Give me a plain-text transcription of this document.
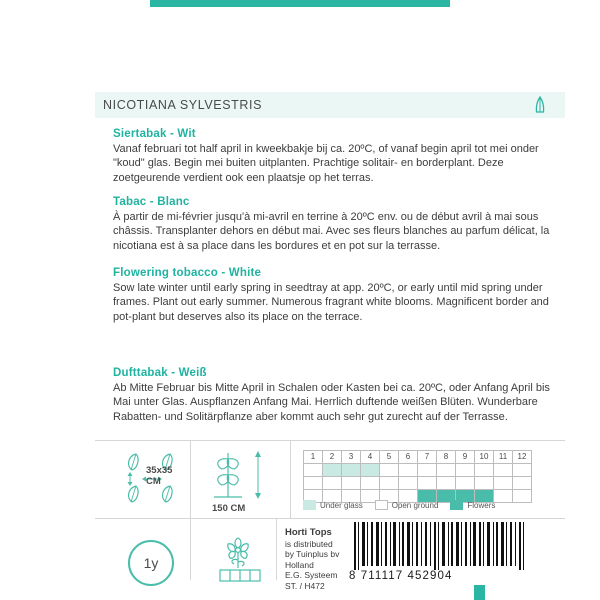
NICOTIANA SYLVESTRIS

Siertabak - Wit

Vanaf februari tot half april in kweekbakje bij ca. 20ºC, of vanaf begin april tot mei onder "koud" glas. Begin mei buiten uitplanten. Prachtige solitair- en borderplant. Deze zoetgeurende verdient ook een plaatsje op het terras.

Tabac - Blanc

À partir de mi-février jusqu'à mi-avril en terrine à 20ºC env. ou de début avril à mai sous châssis. Transplanter dehors en début mai. Avec ses fleurs blanches au parfum délicat, la nicotiana est à sa place dans les bordures et en pot sur la terrasse.

Flowering tobacco - White

Sow late winter until early spring in seedtray at app. 20ºC, or early until mid spring under frames. Plant out early summer. Numerous fragrant white blooms. Magnificent border and pot-plant but deserves also its place on the terrace.

Dufttabak - Weiß

Ab Mitte Februar bis Mitte April in Schalen oder Kasten bei ca. 20ºC, oder Anfang April bis Mai unter Glas. Auspflanzen Anfang Mai. Herrlich duftende weißen Blüten. Wunderbare Rabatten- und Solitärpflanze aber kommt auch sehr gut zurecht auf der Terrasse.

35x35
CM
150 CM
1	2	3	4	5	6	7	8	9	10	11	12
Under glass	Open ground	Flowers
1y
Horti Tops
is distributed
by Tuinplus bv
Holland
E.G. Systeem
ST. / H472
8 711117 452904
